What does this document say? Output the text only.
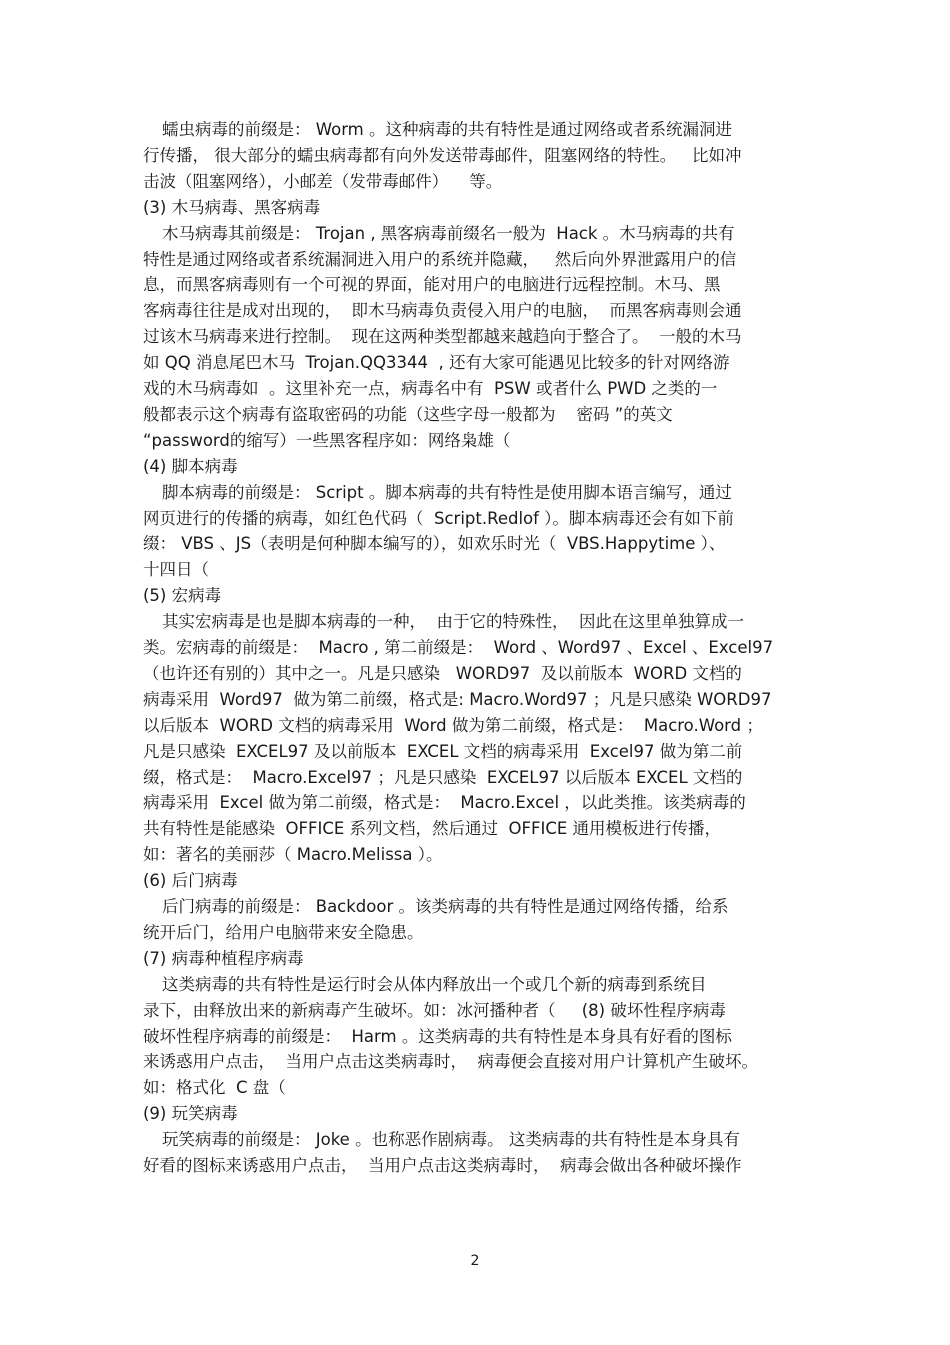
蠕虫病毒的前缀是： Worm 。这种病毒的共有特性是通过网络或者系统漏洞进
行传播， 很大部分的蠕虫病毒都有向外发送带毒邮件，阻塞网络的特性。   比如冲
击波（阻塞网络），小邮差（发带毒邮件）    等。
(3) 木马病毒、黑客病毒
木马病毒其前缀是： Trojan , 黑客病毒前缀名一般为  Hack 。木马病毒的共有
特性是通过网络或者系统漏洞进入用户的系统并隐藏，   然后向外界泄露用户的信
息，而黑客病毒则有一个可视的界面，能对用户的电脑进行远程控制。木马、黑
客病毒往往是成对出现的，  即木马病毒负责侵入用户的电脑，  而黑客病毒则会通
过该木马病毒来进行控制。  现在这两种类型都越来越趋向于整合了。  一般的木马
如 QQ 消息尾巴木马  Trojan.QQ3344  , 还有大家可能遇见比较多的针对网络游
戏的木马病毒如  。这里补充一点，病毒名中有  PSW 或者什么 PWD 之类的一
般都表示这个病毒有盗取密码的功能（这些字母一般都为    密码 ”的英文
“password的缩写）一些黑客程序如：网络枭雄（
(4) 脚本病毒
脚本病毒的前缀是： Script 。脚本病毒的共有特性是使用脚本语言编写，通过
网页进行的传播的病毒，如红色代码（  Script.Redlof ）。脚本病毒还会有如下前
缀： VBS 、JS（表明是何种脚本编写的），如欢乐时光（  VBS.Happytime ）、
十四日（
(5) 宏病毒
其实宏病毒是也是脚本病毒的一种，  由于它的特殊性，  因此在这里单独算成一
类。宏病毒的前缀是：  Macro , 第二前缀是：  Word 、Word97 、Excel 、Excel97
（也许还有别的）其中之一。凡是只感染   WORD97  及以前版本  WORD 文档的
病毒采用  Word97  做为第二前缀，格式是: Macro.Word97 ；凡是只感染 WORD97
以后版本  WORD 文档的病毒采用  Word 做为第二前缀，格式是：  Macro.Word ；
凡是只感染  EXCEL97 及以前版本  EXCEL 文档的病毒采用  Excel97 做为第二前
缀，格式是：  Macro.Excel97 ；凡是只感染  EXCEL97 以后版本 EXCEL 文档的
病毒采用  Excel 做为第二前缀，格式是：  Macro.Excel ，以此类推。该类病毒的
共有特性是能感染  OFFICE 系列文档，然后通过  OFFICE 通用模板进行传播，
如：著名的美丽莎（ Macro.Melissa ）。
(6) 后门病毒
后门病毒的前缀是： Backdoor 。该类病毒的共有特性是通过网络传播，给系
统开后门，给用户电脑带来安全隐患。
(7) 病毒种植程序病毒
这类病毒的共有特性是运行时会从体内释放出一个或几个新的病毒到系统目
录下，由释放出来的新病毒产生破坏。如：冰河播种者（     (8) 破坏性程序病毒
破坏性程序病毒的前缀是：  Harm 。这类病毒的共有特性是本身具有好看的图标
来诱惑用户点击，  当用户点击这类病毒时，  病毒便会直接对用户计算机产生破坏。
如：格式化  C 盘（
(9) 玩笑病毒
玩笑病毒的前缀是： Joke 。也称恶作剧病毒。 这类病毒的共有特性是本身具有
好看的图标来诱惑用户点击，  当用户点击这类病毒时，  病毒会做出各种破坏操作
2
